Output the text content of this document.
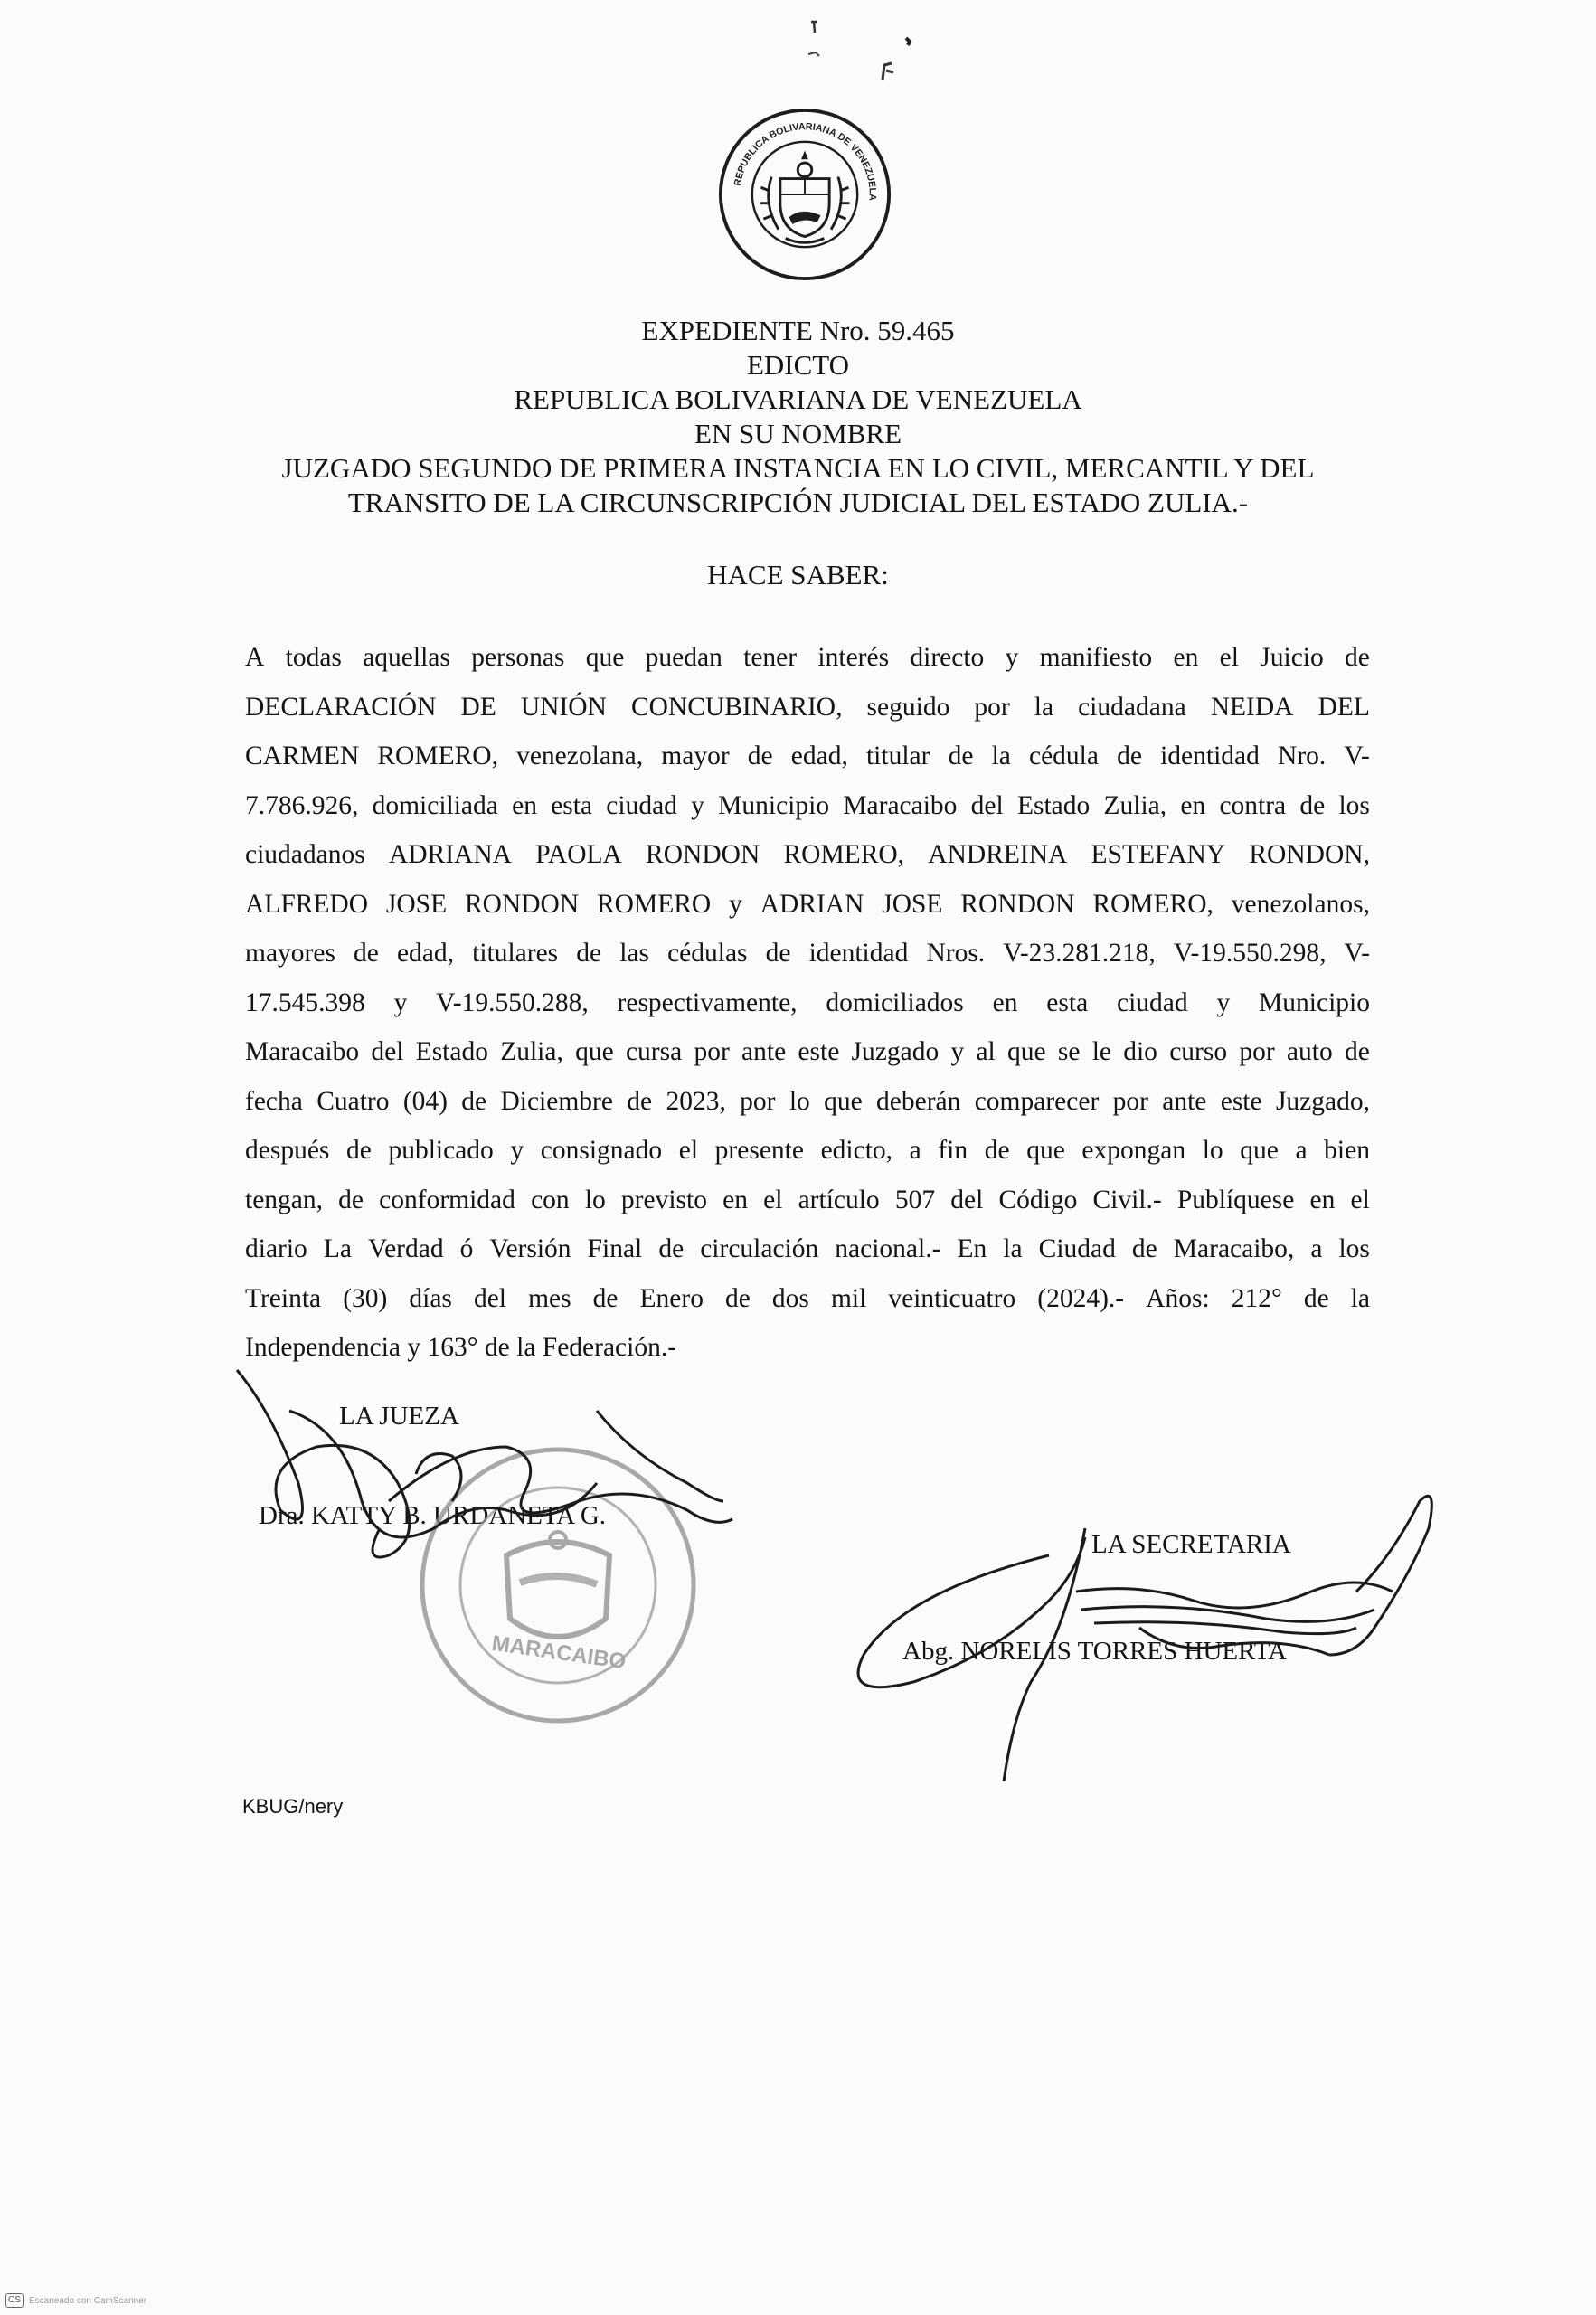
REPUBLICA BOLIVARIANA DE VENEZUELA
EXPEDIENTE Nro. 59.465
EDICTO
REPUBLICA BOLIVARIANA DE VENEZUELA
EN SU NOMBRE
JUZGADO SEGUNDO DE PRIMERA INSTANCIA EN LO CIVIL, MERCANTIL Y DEL
TRANSITO DE LA CIRCUNSCRIPCIÓN JUDICIAL DEL ESTADO ZULIA.-
HACE SABER:
A todas aquellas personas que puedan tener interés directo y manifiesto en el Juicio de
DECLARACIÓN DE UNIÓN CONCUBINARIO, seguido por la ciudadana NEIDA DEL
CARMEN ROMERO, venezolana, mayor de edad, titular de la cédula de identidad Nro. V-
7.786.926, domiciliada en esta ciudad y Municipio Maracaibo del Estado Zulia, en contra de los
ciudadanos ADRIANA PAOLA RONDON ROMERO, ANDREINA ESTEFANY RONDON,
ALFREDO JOSE RONDON ROMERO y ADRIAN JOSE RONDON ROMERO, venezolanos,
mayores de edad, titulares de las cédulas de identidad Nros. V-23.281.218, V-19.550.298, V-
17.545.398 y V-19.550.288, respectivamente, domiciliados en esta ciudad y Municipio
Maracaibo del Estado Zulia, que cursa por ante este Juzgado y al que se le dio curso por auto de
fecha Cuatro (04) de Diciembre de 2023, por lo que deberán comparecer por ante este Juzgado,
después de publicado y consignado el presente edicto, a fin de que expongan lo que a bien
tengan, de conformidad con lo previsto en el artículo 507 del Código Civil.- Publíquese en el
diario La Verdad ó Versión Final de circulación nacional.- En la Ciudad de Maracaibo, a los
Treinta (30) días del mes de Enero de dos mil veinticuatro (2024).- Años: 212° de la
Independencia y 163° de la Federación.-
LA JUEZA
Dra. KATTY B. URDANETA G.
LA SECRETARIA
Abg. NORELIS TORRES HUERTA
MARACAIBO
KBUG/nery
CS Escaneado con CamScanner
